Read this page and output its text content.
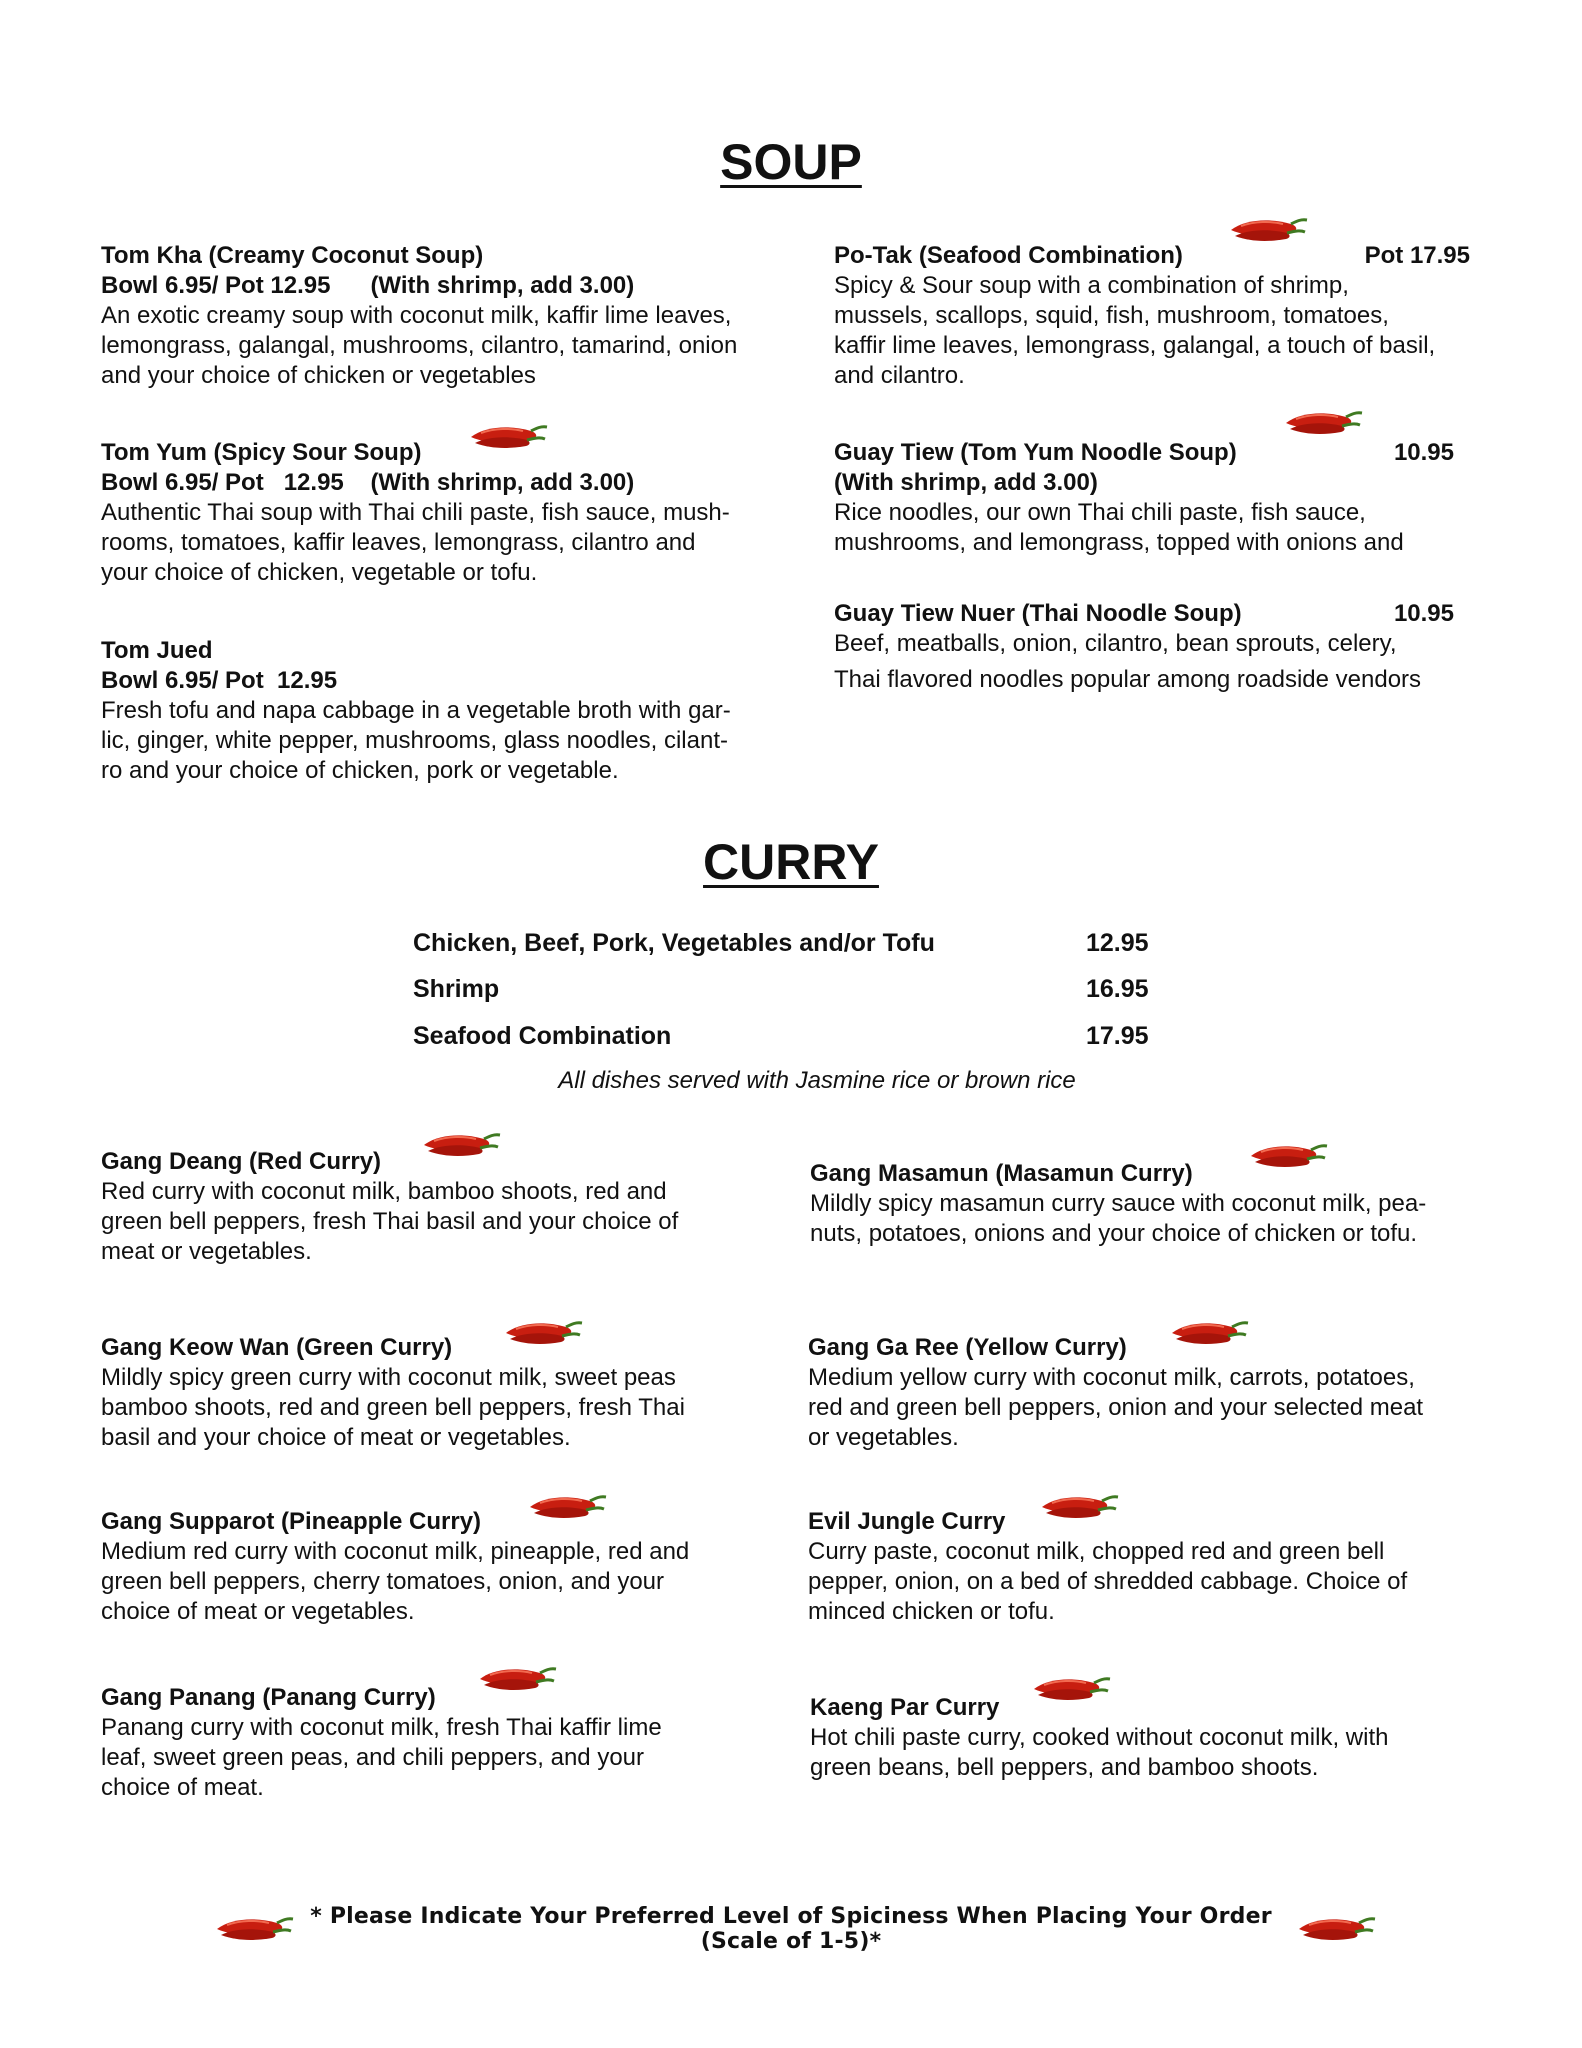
SOUP
Tom Kha (Creamy Coconut Soup)
Bowl 6.95/ Pot 12.95      (With shrimp, add 3.00)
An exotic creamy soup with coconut milk, kaffir lime leaves,
lemongrass, galangal, mushrooms, cilantro, tamarind, onion
and your choice of chicken or vegetables
Tom Yum (Spicy Sour Soup)
Bowl 6.95/ Pot   12.95    (With shrimp, add 3.00)
Authentic Thai soup with Thai chili paste, fish sauce, mush-
rooms, tomatoes, kaffir leaves, lemongrass, cilantro and
your choice of chicken, vegetable or tofu.
Tom Jued
Bowl 6.95/ Pot  12.95
Fresh tofu and napa cabbage in a vegetable broth with gar-
lic, ginger, white pepper, mushrooms, glass noodles, cilant-
ro and your choice of chicken, pork or vegetable.
Po-Tak (Seafood Combination)	Pot 17.95
Spicy & Sour soup with a combination of shrimp,
mussels, scallops, squid, fish, mushroom, tomatoes,
kaffir lime leaves, lemongrass, galangal, a touch of basil,
and cilantro.
Guay Tiew (Tom Yum Noodle Soup)	10.95
(With shrimp, add 3.00)
Rice noodles, our own Thai chili paste, fish sauce,
mushrooms, and lemongrass, topped with onions and
Guay Tiew Nuer (Thai Noodle Soup)	10.95
Beef, meatballs, onion, cilantro, bean sprouts, celery,
Thai flavored noodles popular among roadside vendors
CURRY
Chicken, Beef, Pork, Vegetables and/or Tofu	12.95
Shrimp	16.95
Seafood Combination	17.95
All dishes served with Jasmine rice or brown rice
Gang Deang (Red Curry)
Red curry with coconut milk, bamboo shoots, red and
green bell peppers, fresh Thai basil and your choice of
meat or vegetables.
Gang Keow Wan (Green Curry)
Mildly spicy green curry with coconut milk, sweet peas
bamboo shoots, red and green bell peppers, fresh Thai
basil and your choice of meat or vegetables.
Gang Supparot (Pineapple Curry)
Medium red curry with coconut milk, pineapple, red and
green bell peppers, cherry tomatoes, onion, and your
choice of meat or vegetables.
Gang Panang (Panang Curry)
Panang curry with coconut milk, fresh Thai kaffir lime
leaf, sweet green peas, and chili peppers, and your
choice of meat.
Gang Masamun (Masamun Curry)
Mildly spicy masamun curry sauce with coconut milk, pea-
nuts, potatoes, onions and your choice of chicken or tofu.
Gang Ga Ree (Yellow Curry)
Medium yellow curry with coconut milk, carrots, potatoes,
red and green bell peppers, onion and your selected meat
or vegetables.
Evil Jungle Curry
Curry paste, coconut milk, chopped red and green bell
pepper, onion, on a bed of shredded cabbage. Choice of
minced chicken or tofu.
Kaeng Par Curry
Hot chili paste curry, cooked without coconut milk, with
green beans, bell peppers, and bamboo shoots.
* Please Indicate Your Preferred Level of Spiciness When Placing Your Order (Scale of 1-5)*
